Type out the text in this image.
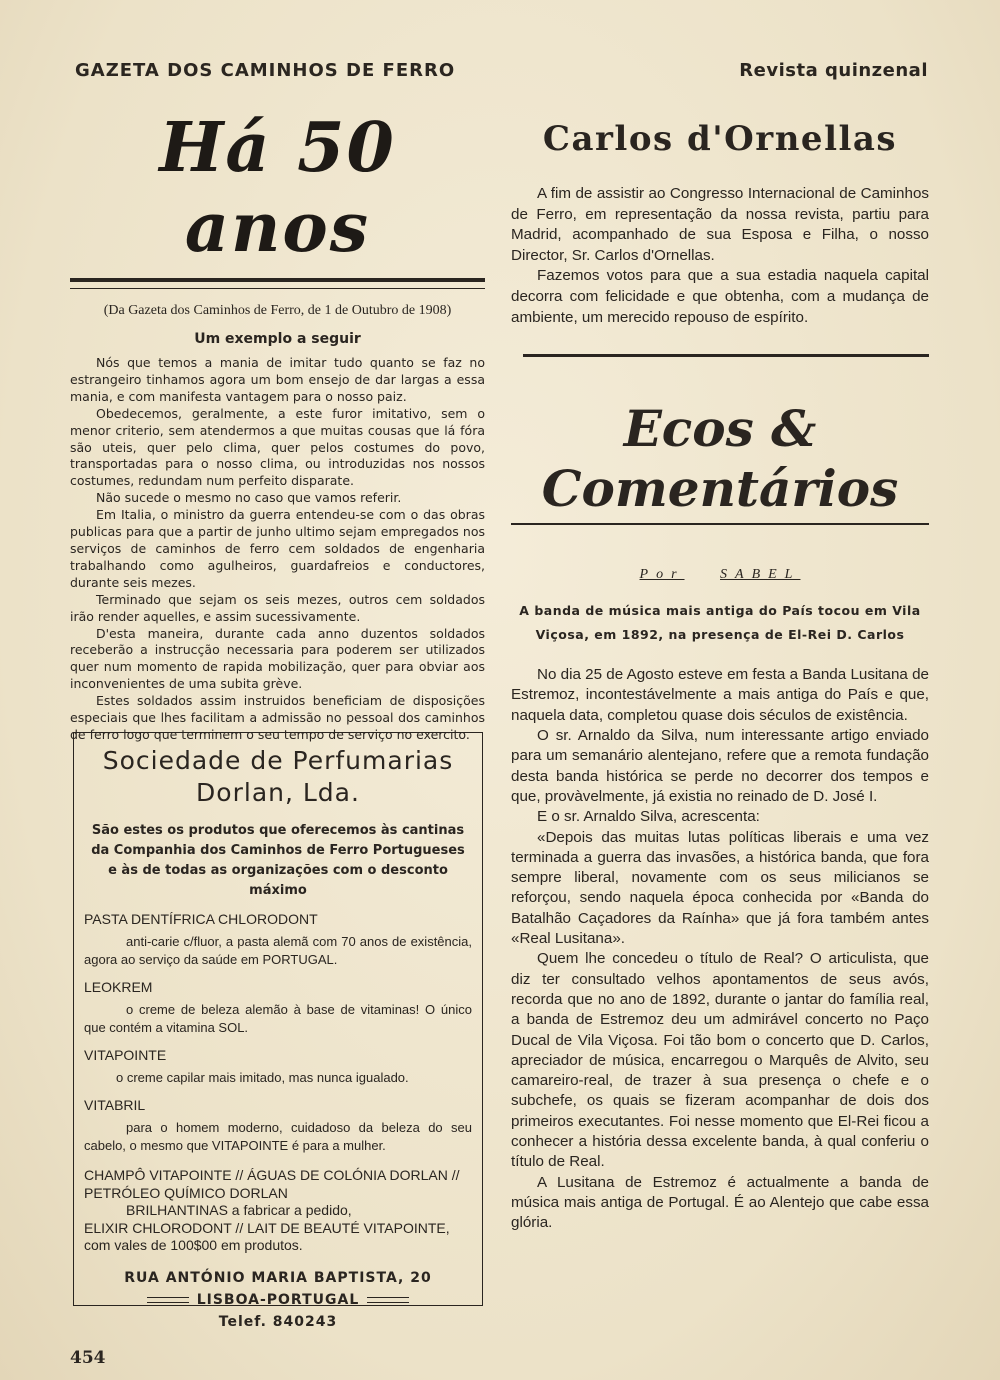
GAZETA DOS CAMINHOS DE FERRO	Revista quinzenal
Há 50 anos
(Da Gazeta dos Caminhos de Ferro, de 1 de Outubro de 1908)
Um exemplo a seguir

Nós que temos a mania de imitar tudo quanto se faz no estrangeiro tinhamos agora um bom ensejo de dar largas a essa mania, e com manifesta vantagem para o nosso paiz.

Obedecemos, geralmente, a este furor imitativo, sem o menor criterio, sem atendermos a que muitas cousas que lá fóra são uteis, quer pelo clima, quer pelos costumes do povo, transportadas para o nosso clima, ou introduzidas nos nossos costumes, redundam num perfeito disparate.

Não sucede o mesmo no caso que vamos referir.

Em Italia, o ministro da guerra entendeu-se com o das obras publicas para que a partir de junho ultimo sejam empregados nos serviços de caminhos de ferro cem soldados de engenharia trabalhando como agulheiros, guardafreios e conductores, durante seis mezes.

Terminado que sejam os seis mezes, outros cem soldados irão render aquelles, e assim sucessivamente.

D'esta maneira, durante cada anno duzentos soldados receberão a instrucção necessaria para poderem ser utilizados quer num momento de rapida mobilização, quer para obviar aos inconvenientes de uma subita grève.

Estes soldados assim instruidos beneficiam de disposições especiais que lhes facilitam a admissão no pessoal dos caminhos de ferro logo que terminem o seu tempo de serviço no exercito.

Sociedade de Perfumarias
Dorlan, Lda.
São estes os produtos que oferecemos às cantinas da Companhia dos Caminhos de Ferro Portugueses e às de todas as organizações com o desconto máximo
PASTA DENTÍFRICA CHLORODONT
anti-carie c/fluor, a pasta alemã com 70 anos de existência, agora ao serviço da saúde em PORTUGAL.
LEOKREM
o creme de beleza alemão à base de vitaminas! O único que contém a vitamina SOL.
VITAPOINTE
o creme capilar mais imitado, mas nunca igualado.
VITABRIL
para o homem moderno, cuidadoso da beleza do seu cabelo, o mesmo que VITAPOINTE é para a mulher.
CHAMPÔ VITAPOINTE // ÁGUAS DE COLÓNIA DORLAN // PETRÓLEO QUÍMICO DORLAN
BRILHANTINAS a fabricar a pedido,
ELIXIR CHLORODONT // LAIT DE BEAUTÉ VITAPOINTE, com vales de 100$00 em produtos.
RUA ANTÓNIO MARIA BAPTISTA, 20
LISBOA-PORTUGAL
Telef. 840243
Carlos d'Ornellas

A fim de assistir ao Congresso Internacional de Caminhos de Ferro, em representação da nossa revista, partiu para Madrid, acompanhado de sua Esposa e Filha, o nosso Director, Sr. Carlos d'Ornellas.

Fazemos votos para que a sua estadia naquela capital decorra com felicidade e que obtenha, com a mudança de ambiente, um merecido repouso de espírito.

Ecos & Comentários
Por	SABEL
A banda de música mais antiga do País tocou em Vila Viçosa, em 1892, na presença de El-Rei D. Carlos

No dia 25 de Agosto esteve em festa a Banda Lusitana de Estremoz, incontestávelmente a mais antiga do País e que, naquela data, completou quase dois séculos de existência.

O sr. Arnaldo da Silva, num interessante artigo enviado para um semanário alentejano, refere que a remota fundação desta banda histórica se perde no decorrer dos tempos e que, provàvelmente, já existia no reinado de D. José I.

E o sr. Arnaldo Silva, acrescenta:

«Depois das muitas lutas políticas liberais e uma vez terminada a guerra das invasões, a histórica banda, que fora sempre liberal, novamente com os seus milicianos se reforçou, sendo naquela época conhecida por «Banda do Batalhão Caçadores da Raínha» que já fora também antes «Real Lusitana».

Quem lhe concedeu o título de Real? O articulista, que diz ter consultado velhos apontamentos de seus avós, recorda que no ano de 1892, durante o jantar do família real, a banda de Estremoz deu um admirável concerto no Paço Ducal de Vila Viçosa. Foi tão bom o concerto que D. Carlos, apreciador de música, encarregou o Marquês de Alvito, seu camareiro-real, de trazer à sua presença o chefe e o subchefe, os quais se fizeram acompanhar de dois dos primeiros executantes. Foi nesse momento que El-Rei ficou a conhecer a história dessa excelente banda, à qual conferiu o título de Real.

A Lusitana de Estremoz é actualmente a banda de música mais antiga de Portugal. É ao Alentejo que cabe essa glória.

454
